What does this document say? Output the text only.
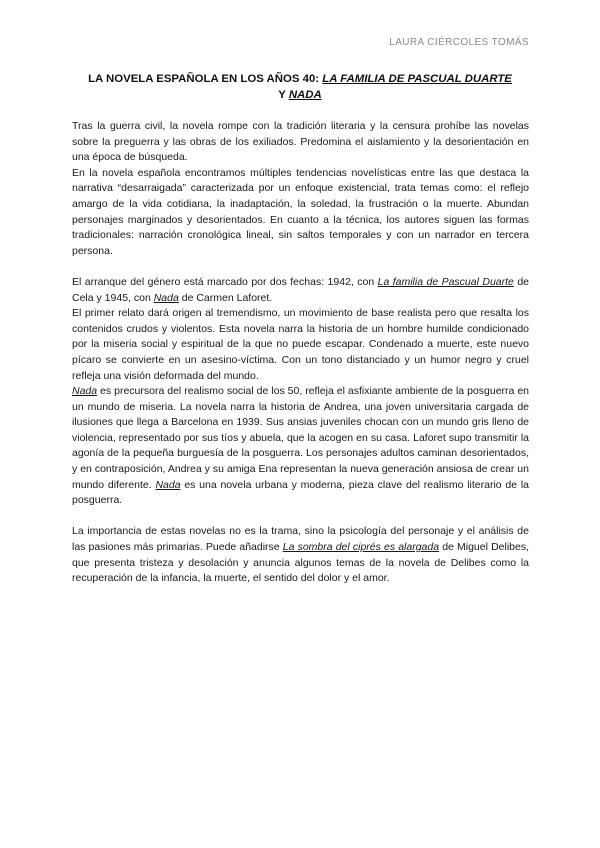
LAURA CIÉRCOLES TOMÁS
LA NOVELA ESPAÑOLA EN LOS AÑOS 40: LA FAMILIA DE PASCUAL DUARTE
Y NADA

Tras la guerra civil, la novela rompe con la tradición literaria y la censura prohíbe las novelas sobre la preguerra y las obras de los exiliados. Predomina el aislamiento y la desorientación en una época de búsqueda.

En la novela española encontramos múltiples tendencias novelísticas entre las que destaca la narrativa “desarraigada” caracterizada por un enfoque existencial, trata temas como: el reflejo amargo de la vida cotidiana, la inadaptación, la soledad, la frustración o la muerte. Abundan personajes marginados y desorientados. En cuanto a la técnica, los autores siguen las formas tradicionales: narración cronológica lineal, sin saltos temporales y con un narrador en tercera persona.

El arranque del género está marcado por dos fechas: 1942, con La familia de Pascual Duarte de Cela y 1945, con Nada de Carmen Laforet.

El primer relato dará origen al tremendismo, un movimiento de base realista pero que resalta los contenidos crudos y violentos. Esta novela narra la historia de un hombre humilde condicionado por la miseria social y espiritual de la que no puede escapar. Condenado a muerte, este nuevo pícaro se convierte en un asesino-víctima. Con un tono distanciado y un humor negro y cruel refleja una visión deformada del mundo.

Nada es precursora del realismo social de los 50, refleja el asfixiante ambiente de la posguerra en un mundo de miseria. La novela narra la historia de Andrea, una joven universitaria cargada de ilusiones que llega a Barcelona en 1939. Sus ansias juveniles chocan con un mundo gris lleno de violencia, representado por sus tíos y abuela, que la acogen en su casa. Laforet supo transmitir la agonía de la pequeña burguesía de la posguerra. Los personajes adultos caminan desorientados, y en contraposición, Andrea y su amiga Ena representan la nueva generación ansiosa de crear un mundo diferente. Nada es una novela urbana y moderna, pieza clave del realismo literario de la posguerra.

La importancia de estas novelas no es la trama, sino la psicología del personaje y el análisis de las pasiones más primarias. Puede añadirse La sombra del ciprés es alargada de Miguel Delibes, que presenta tristeza y desolación y anuncia algunos temas de la novela de Delibes como la recuperación de la infancia, la muerte, el sentido del dolor y el amor.
